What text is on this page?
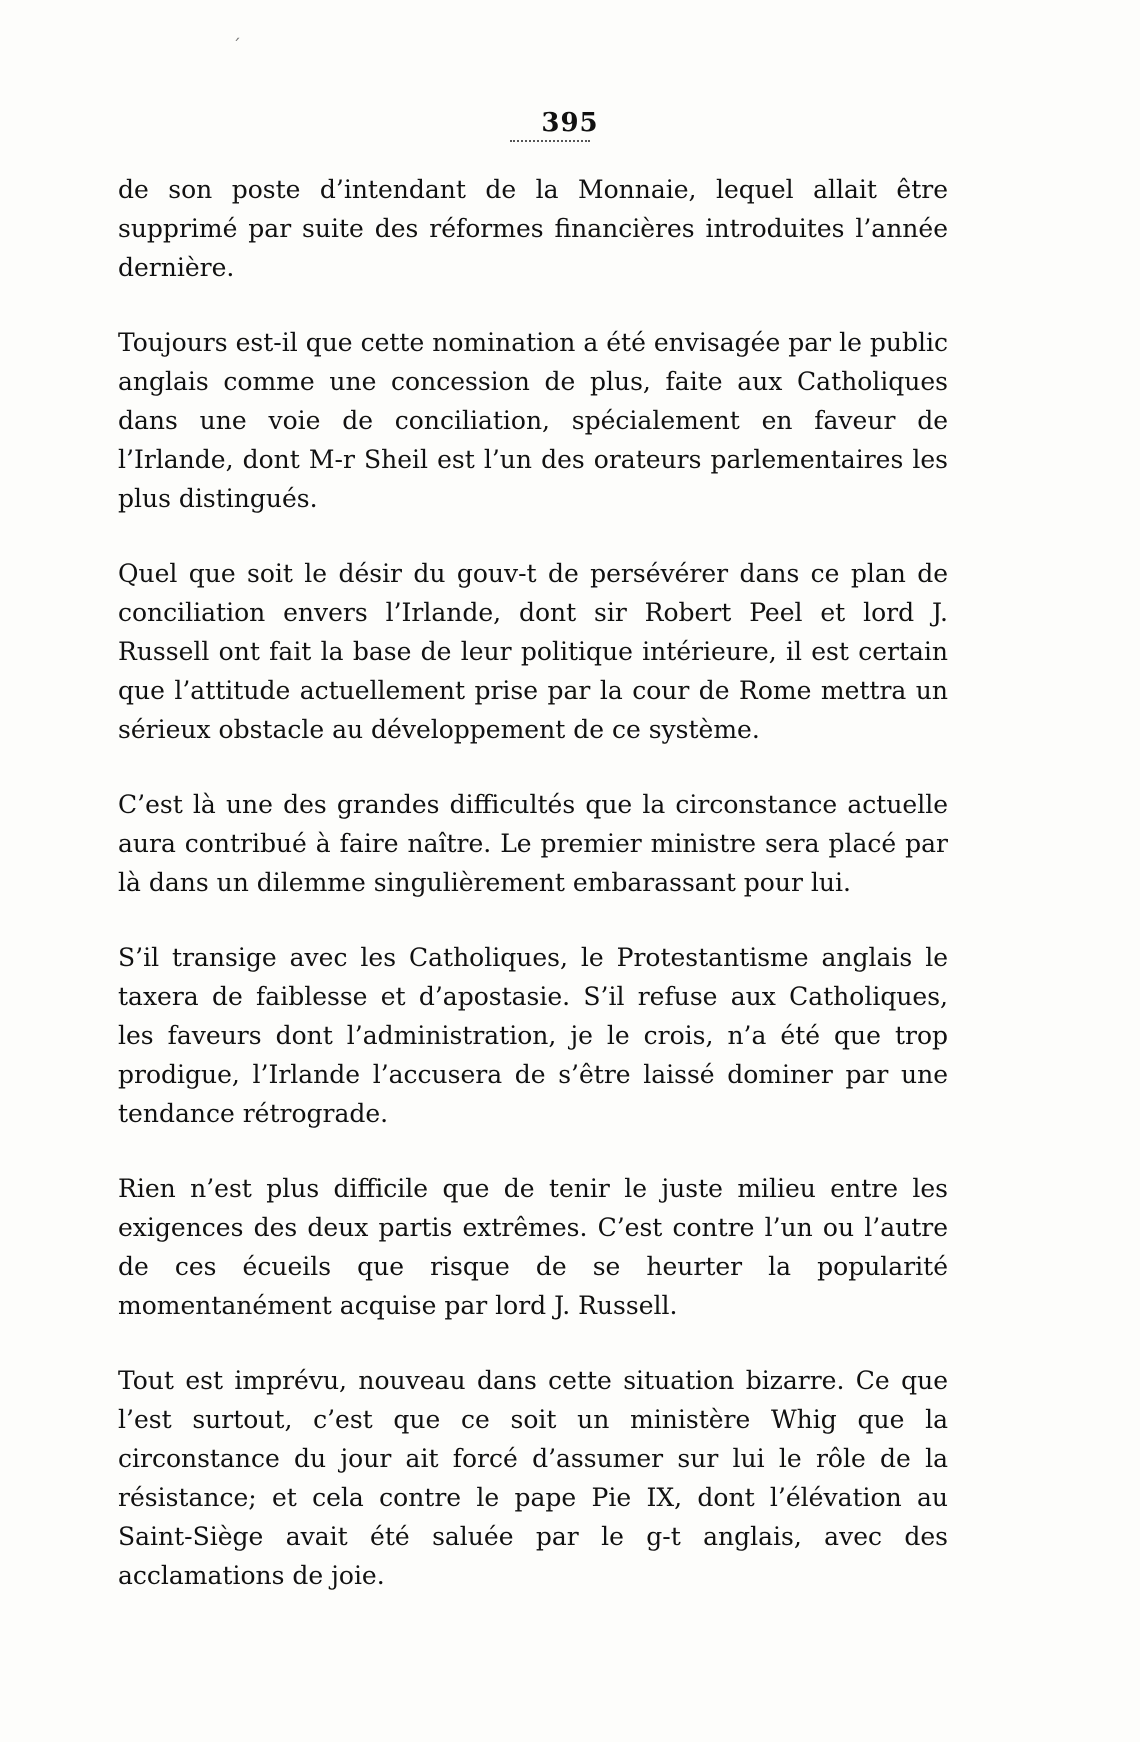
395

de son poste d’intendant de la Monnaie, lequel allait être supprimé par suite des réformes financières introduites l’année dernière.

Toujours est-il que cette nomination a été envisagée par le public anglais comme une concession de plus, faite aux Catholiques dans une voie de conciliation, spécialement en faveur de l’Irlande, dont M-r Sheil est l’un des orateurs parlementaires les plus distingués.

Quel que soit le désir du gouv-t de persévérer dans ce plan de conciliation envers l’Irlande, dont sir Robert Peel et lord J. Russell ont fait la base de leur politique intérieure, il est certain que l’attitude actuellement prise par la cour de Rome mettra un sérieux obstacle au développement de ce système.

C’est là une des grandes difficultés que la circonstance actuelle aura contribué à faire naître. Le premier ministre sera placé par là dans un dilemme singulièrement embarassant pour lui.

S’il transige avec les Catholiques, le Protestantisme anglais le taxera de faiblesse et d’apostasie. S’il refuse aux Catholiques, les faveurs dont l’administration, je le crois, n’a été que trop prodigue, l’Irlande l’accusera de s’être laissé dominer par une tendance rétrograde.

Rien n’est plus difficile que de tenir le juste milieu entre les exigences des deux partis extrêmes. C’est contre l’un ou l’autre de ces écueils que risque de se heurter la popularité momentanément acquise par lord J. Russell.

Tout est imprévu, nouveau dans cette situation bizarre. Ce que l’est surtout, c’est que ce soit un ministère Whig que la circonstance du jour ait forcé d’assumer sur lui le rôle de la résistance; et cela contre le pape Pie IX, dont l’élévation au Saint-Siège avait été saluée par le g-t anglais, avec des acclamations de joie.

´
